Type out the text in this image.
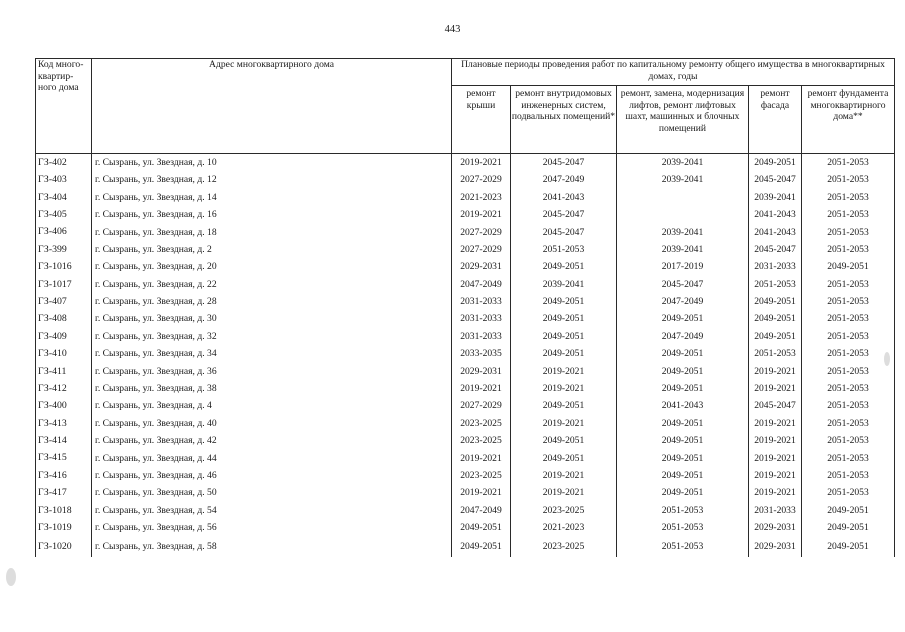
443
Код много-квартир-ного дома	Адрес многоквартирного дома	Плановые периоды проведения работ по капитальному ремонту общего имущества в многоквартирных домах, годы				
		ремонт крыши	ремонт внутридомовых инженерных систем, подвальных помещений*	ремонт, замена, модернизация лифтов, ремонт лифтовых шахт, машинных и блочных помещений	ремонт фасада	ремонт фундамента многоквартирного дома**
ГЗ-402	г. Сызрань, ул. Звездная, д. 10	2019-2021	2045-2047	2039-2041	2049-2051	2051-2053
ГЗ-403	г. Сызрань, ул. Звездная, д. 12	2027-2029	2047-2049	2039-2041	2045-2047	2051-2053
ГЗ-404	г. Сызрань, ул. Звездная, д. 14	2021-2023	2041-2043		2039-2041	2051-2053
ГЗ-405	г. Сызрань, ул. Звездная, д. 16	2019-2021	2045-2047		2041-2043	2051-2053
ГЗ-406	г. Сызрань, ул. Звездная, д. 18	2027-2029	2045-2047	2039-2041	2041-2043	2051-2053
ГЗ-399	г. Сызрань, ул. Звездная, д. 2	2027-2029	2051-2053	2039-2041	2045-2047	2051-2053
ГЗ-1016	г. Сызрань, ул. Звездная, д. 20	2029-2031	2049-2051	2017-2019	2031-2033	2049-2051
ГЗ-1017	г. Сызрань, ул. Звездная, д. 22	2047-2049	2039-2041	2045-2047	2051-2053	2051-2053
ГЗ-407	г. Сызрань, ул. Звездная, д. 28	2031-2033	2049-2051	2047-2049	2049-2051	2051-2053
ГЗ-408	г. Сызрань, ул. Звездная, д. 30	2031-2033	2049-2051	2049-2051	2049-2051	2051-2053
ГЗ-409	г. Сызрань, ул. Звездная, д. 32	2031-2033	2049-2051	2047-2049	2049-2051	2051-2053
ГЗ-410	г. Сызрань, ул. Звездная, д. 34	2033-2035	2049-2051	2049-2051	2051-2053	2051-2053
ГЗ-411	г. Сызрань, ул. Звездная, д. 36	2029-2031	2019-2021	2049-2051	2019-2021	2051-2053
ГЗ-412	г. Сызрань, ул. Звездная, д. 38	2019-2021	2019-2021	2049-2051	2019-2021	2051-2053
ГЗ-400	г. Сызрань, ул. Звездная, д. 4	2027-2029	2049-2051	2041-2043	2045-2047	2051-2053
ГЗ-413	г. Сызрань, ул. Звездная, д. 40	2023-2025	2019-2021	2049-2051	2019-2021	2051-2053
ГЗ-414	г. Сызрань, ул. Звездная, д. 42	2023-2025	2049-2051	2049-2051	2019-2021	2051-2053
ГЗ-415	г. Сызрань, ул. Звездная, д. 44	2019-2021	2049-2051	2049-2051	2019-2021	2051-2053
ГЗ-416	г. Сызрань, ул. Звездная, д. 46	2023-2025	2019-2021	2049-2051	2019-2021	2051-2053
ГЗ-417	г. Сызрань, ул. Звездная, д. 50	2019-2021	2019-2021	2049-2051	2019-2021	2051-2053
ГЗ-1018	г. Сызрань, ул. Звездная, д. 54	2047-2049	2023-2025	2051-2053	2031-2033	2049-2051
ГЗ-1019	г. Сызрань, ул. Звездная, д. 56	2049-2051	2021-2023	2051-2053	2029-2031	2049-2051
ГЗ-1020	г. Сызрань, ул. Звездная, д. 58	2049-2051	2023-2025	2051-2053	2029-2031	2049-2051
